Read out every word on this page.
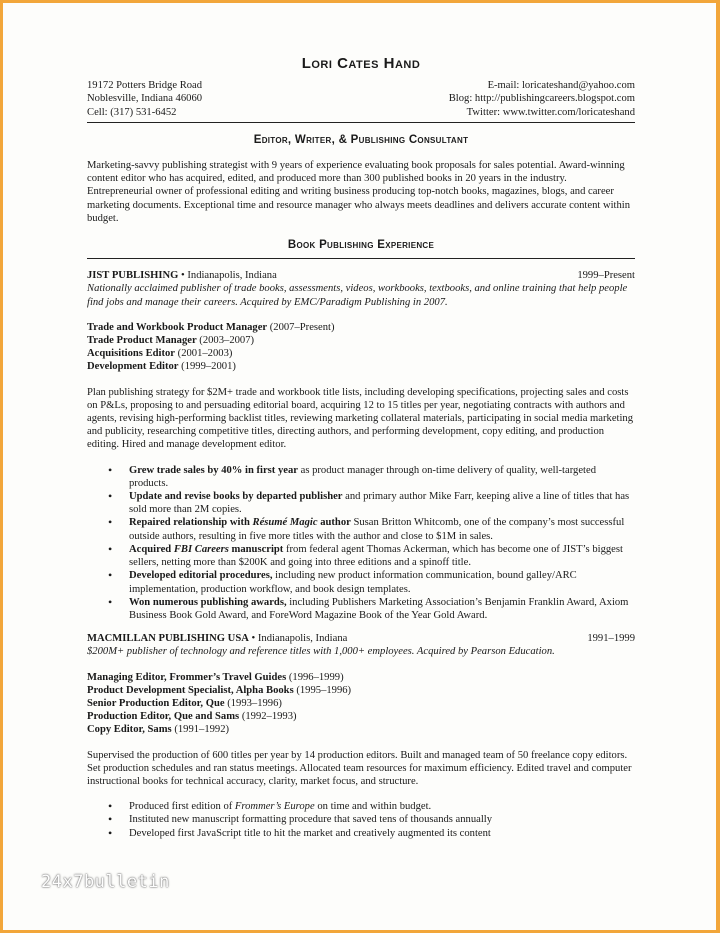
Lori Cates Hand
19172 Potters Bridge Road
Noblesville, Indiana 46060
Cell: (317) 531-6452
E-mail: loricateshand@yahoo.com
Blog: http://publishingcareers.blogspot.com
Twitter: www.twitter.com/loricateshand
Editor, Writer, & Publishing Consultant
Marketing-savvy publishing strategist with 9 years of experience evaluating book proposals for sales potential. Award-winning content editor who has acquired, edited, and produced more than 300 published books in 20 years in the industry. Entrepreneurial owner of professional editing and writing business producing top-notch books, magazines, blogs, and career marketing documents. Exceptional time and resource manager who always meets deadlines and delivers accurate content within budget.
Book Publishing Experience
JIST PUBLISHING • Indianapolis, Indiana	1999–Present
Nationally acclaimed publisher of trade books, assessments, videos, workbooks, textbooks, and online training that help people find jobs and manage their careers. Acquired by EMC/Paradigm Publishing in 2007.
Trade and Workbook Product Manager (2007–Present)
Trade Product Manager (2003–2007)
Acquisitions Editor (2001–2003)
Development Editor (1999–2001)
Plan publishing strategy for $2M+ trade and workbook title lists, including developing specifications, projecting sales and costs on P&Ls, proposing to and persuading editorial board, acquiring 12 to 15 titles per year, negotiating contracts with authors and agents, revising high-performing backlist titles, reviewing marketing collateral materials, participating in social media marketing and publicity, researching competitive titles, directing authors, and performing development, copy editing, and production editing. Hired and manage development editor.
• Grew trade sales by 40% in first year as product manager through on-time delivery of quality, well-targeted products.
• Update and revise books by departed publisher and primary author Mike Farr, keeping alive a line of titles that has sold more than 2M copies.
• Repaired relationship with Résumé Magic author Susan Britton Whitcomb, one of the company’s most successful outside authors, resulting in five more titles with the author and close to $1M in sales.
• Acquired FBI Careers manuscript from federal agent Thomas Ackerman, which has become one of JIST’s biggest sellers, netting more than $200K and going into three editions and a spinoff title.
• Developed editorial procedures, including new product information communication, bound galley/ARC implementation, production workflow, and book design templates.
• Won numerous publishing awards, including Publishers Marketing Association’s Benjamin Franklin Award, Axiom Business Book Gold Award, and ForeWord Magazine Book of the Year Gold Award.
MACMILLAN PUBLISHING USA • Indianapolis, Indiana	1991–1999
$200M+ publisher of technology and reference titles with 1,000+ employees. Acquired by Pearson Education.
Managing Editor, Frommer’s Travel Guides (1996–1999)
Product Development Specialist, Alpha Books (1995–1996)
Senior Production Editor, Que (1993–1996)
Production Editor, Que and Sams (1992–1993)
Copy Editor, Sams (1991–1992)
Supervised the production of 600 titles per year by 14 production editors. Built and managed team of 50 freelance copy editors. Set production schedules and ran status meetings. Allocated team resources for maximum efficiency. Edited travel and computer instructional books for technical accuracy, clarity, market focus, and structure.
• Produced first edition of Frommer’s Europe on time and within budget.
• Instituted new manuscript formatting procedure that saved tens of thousands annually
• Developed first JavaScript title to hit the market and creatively augmented its content
24x7bulletin
